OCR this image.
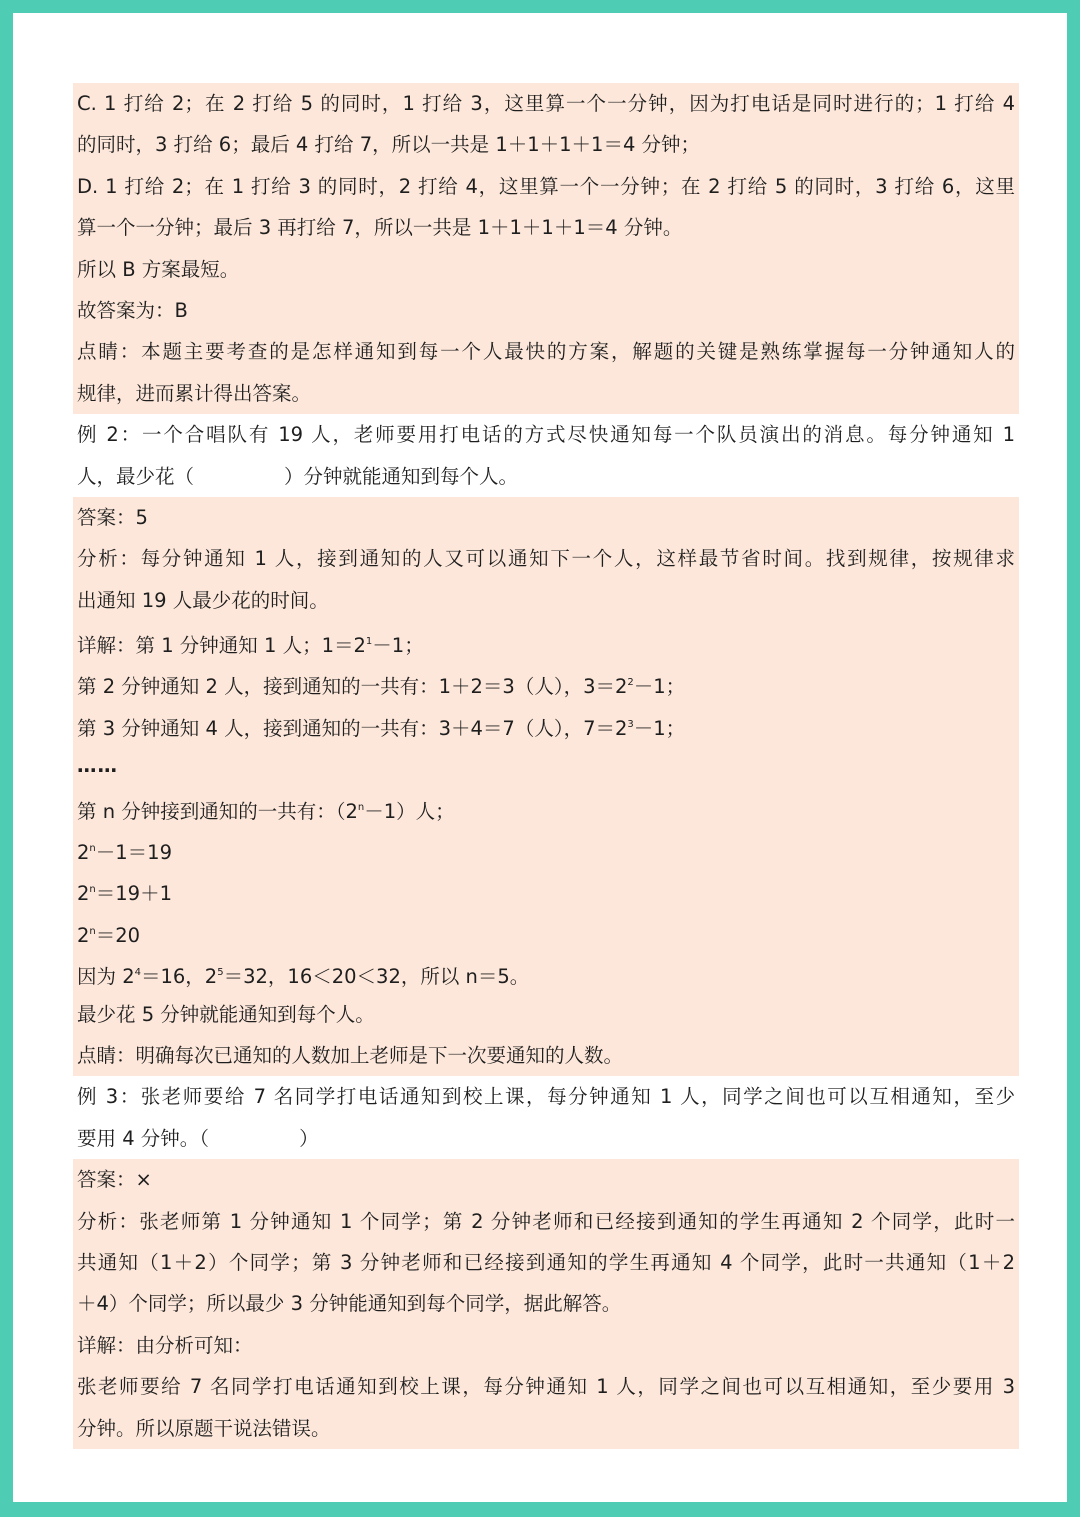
C. 1 打给 2；在 2 打给 5 的同时，1 打给 3，这里算一个一分钟，因为打电话是同时进行的；1 打给 4
的同时，3 打给 6；最后 4 打给 7，所以一共是 1＋1＋1＋1＝4 分钟；
D. 1 打给 2；在 1 打给 3 的同时，2 打给 4，这里算一个一分钟；在 2 打给 5 的同时，3 打给 6，这里
算一个一分钟；最后 3 再打给 7，所以一共是 1＋1＋1＋1＝4 分钟。
所以 B 方案最短。
故答案为：B
点睛：本题主要考查的是怎样通知到每一个人最快的方案，解题的关键是熟练掌握每一分钟通知人的
规律，进而累计得出答案。
例 2：一个合唱队有 19 人，老师要用打电话的方式尽快通知每一个队员演出的消息。每分钟通知 1
人，最少花（	）分钟就能通知到每个人。
答案：5
分析：每分钟通知 1 人，接到通知的人又可以通知下一个人，这样最节省时间。找到规律，按规律求
出通知 19 人最少花的时间。
详解：第 1 分钟通知 1 人；$1=2^1-1$；
第 2 分钟通知 2 人，接到通知的一共有：1＋2＝3（人），$3=2^2-1$；
第 3 分钟通知 4 人，接到通知的一共有：3＋4＝7（人），$7=2^3-1$；
……
第 n 分钟接到通知的一共有：$(2^n-1)$人；
$2^n-1=19$
$2^n=19+1$
$2^n=20$
因为 $2^4=16$，$2^5=32$，16＜20＜32，所以 n＝5。
最少花 5 分钟就能通知到每个人。
点睛：明确每次已通知的人数加上老师是下一次要通知的人数。
例 3：张老师要给 7 名同学打电话通知到校上课，每分钟通知 1 人，同学之间也可以互相通知，至少
要用 4 分钟。（	）
答案：×
分析：张老师第 1 分钟通知 1 个同学；第 2 分钟老师和已经接到通知的学生再通知 2 个同学，此时一
共通知（1＋2）个同学；第 3 分钟老师和已经接到通知的学生再通知 4 个同学，此时一共通知（1＋2
＋4）个同学；所以最少 3 分钟能通知到每个同学，据此解答。
详解：由分析可知：
张老师要给 7 名同学打电话通知到校上课，每分钟通知 1 人，同学之间也可以互相通知，至少要用 3
分钟。所以原题干说法错误。
